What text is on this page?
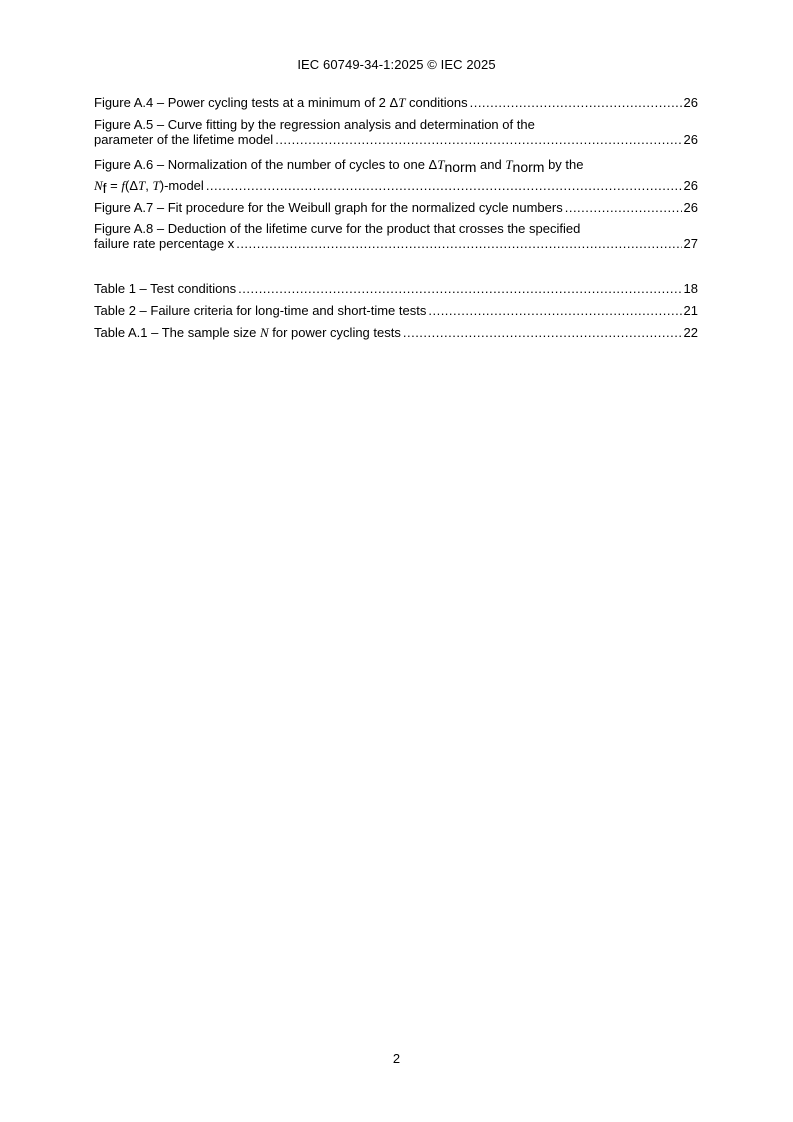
IEC 60749-34-1:2025 © IEC 2025
Figure A.4 – Power cycling tests at a minimum of 2 ΔT conditions .....	26
Figure A.5 – Curve fitting by the regression analysis and determination of the
parameter of the lifetime model .....	26
Figure A.6 – Normalization of the number of cycles to one ΔTnorm and Tnorm by the
Nf = f(ΔT, T)-model .....	26
Figure A.7 – Fit procedure for the Weibull graph for the normalized cycle numbers .....	26
Figure A.8 – Deduction of the lifetime curve for the product that crosses the specified
failure rate percentage x .....	27
Table 1 – Test conditions .....	18
Table 2 – Failure criteria for long-time and short-time tests .....	21
Table A.1 – The sample size N for power cycling tests .....	22
2
